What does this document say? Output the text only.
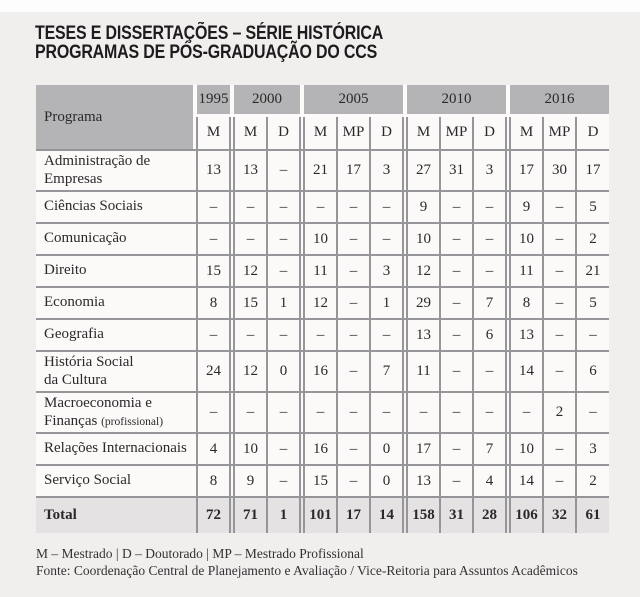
TESES E DISSERTAÇÕES – SÉRIE HISTÓRICA
PROGRAMAS DE PÓS-GRADUAÇÃO DO CCS
Programa		1995		2000			2005				2010				2016		
		M		M	D		M	MP	D		M	MP	D		M	MP	D
Administração de
Empresas		13		13	–		21	17	3		27	31	3		17	30	17
Ciências Sociais		–		–	–		–	–	–		9	–	–		9	–	5
Comunicação		–		–	–		10	–	–		10	–	–		10	–	2
Direito		15		12	–		11	–	3		12	–	–		11	–	21
Economia		8		15	1		12	–	1		29	–	7		8	–	5
Geografia		–		–	–		–	–	–		13	–	6		13	–	–
História Social
da Cultura		24		12	0		16	–	7		11	–	–		14	–	6
Macroeconomia e
Finanças (profissional)		–		–	–		–	–	–		–	–	–		–	2	–
Relações Internacionais		4		10	–		16	–	0		17	–	7		10	–	3
Serviço Social		8		9	–		15	–	0		13	–	4		14	–	2
Total		72		71	1		101	17	14		158	31	28		106	32	61
M – Mestrado | D – Doutorado | MP – Mestrado Profissional
Fonte: Coordenação Central de Planejamento e Avaliação / Vice-Reitoria para Assuntos Acadêmicos
